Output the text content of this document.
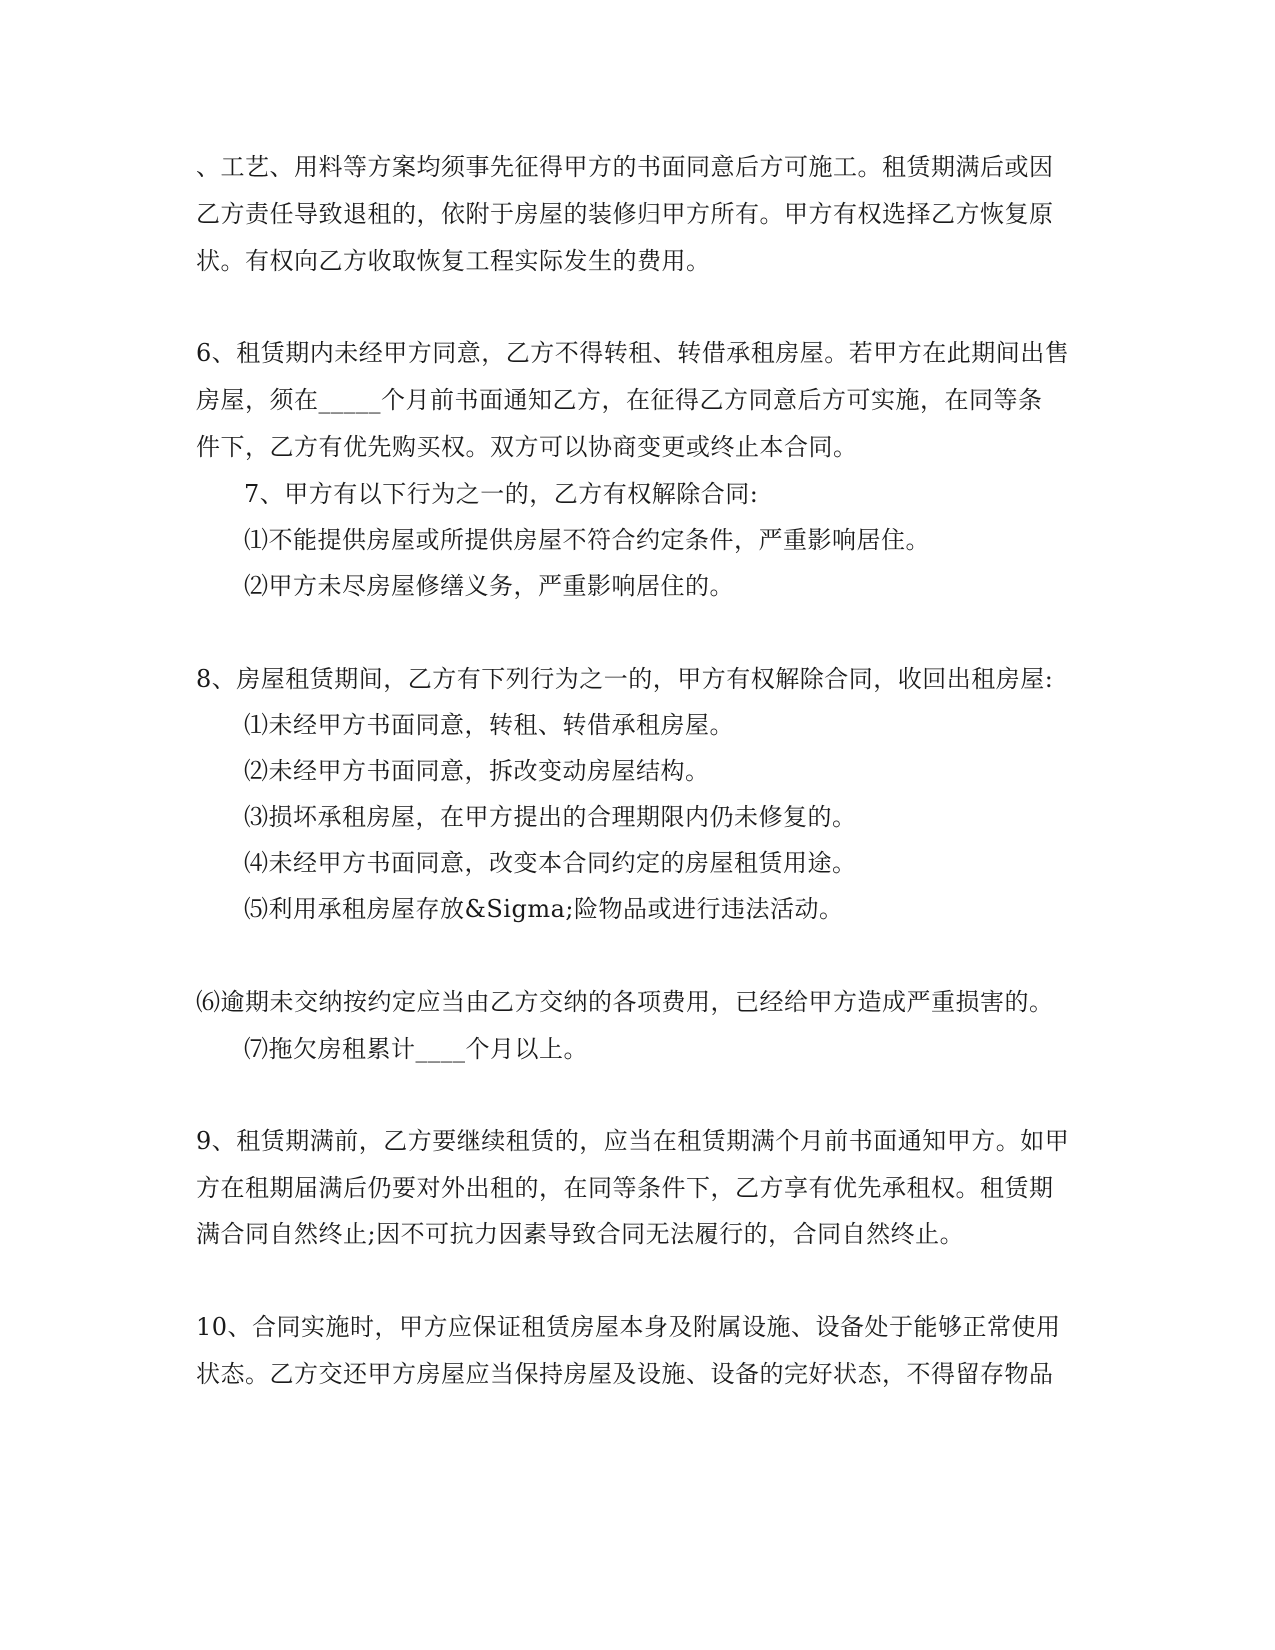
、工艺、用料等方案均须事先征得甲方的书面同意后方可施工。租赁期满后或因
乙方责任导致退租的，依附于房屋的装修归甲方所有。甲方有权选择乙方恢复原
状。有权向乙方收取恢复工程实际发生的费用。
6、租赁期内未经甲方同意，乙方不得转租、转借承租房屋。若甲方在此期间出售
房屋，须在_____个月前书面通知乙方，在征得乙方同意后方可实施，在同等条
件下，乙方有优先购买权。双方可以协商变更或终止本合同。
7、甲方有以下行为之一的，乙方有权解除合同:
⑴不能提供房屋或所提供房屋不符合约定条件，严重影响居住。
⑵甲方未尽房屋修缮义务，严重影响居住的。
8、房屋租赁期间，乙方有下列行为之一的，甲方有权解除合同，收回出租房屋:
⑴未经甲方书面同意，转租、转借承租房屋。
⑵未经甲方书面同意，拆改变动房屋结构。
⑶损坏承租房屋，在甲方提出的合理期限内仍未修复的。
⑷未经甲方书面同意，改变本合同约定的房屋租赁用途。
⑸利用承租房屋存放&Sigma;险物品或进行违法活动。
⑹逾期未交纳按约定应当由乙方交纳的各项费用，已经给甲方造成严重损害的。
⑺拖欠房租累计____个月以上。
9、租赁期满前，乙方要继续租赁的，应当在租赁期满个月前书面通知甲方。如甲
方在租期届满后仍要对外出租的，在同等条件下，乙方享有优先承租权。租赁期
满合同自然终止;因不可抗力因素导致合同无法履行的，合同自然终止。
10、合同实施时，甲方应保证租赁房屋本身及附属设施、设备处于能够正常使用
状态。乙方交还甲方房屋应当保持房屋及设施、设备的完好状态，不得留存物品
